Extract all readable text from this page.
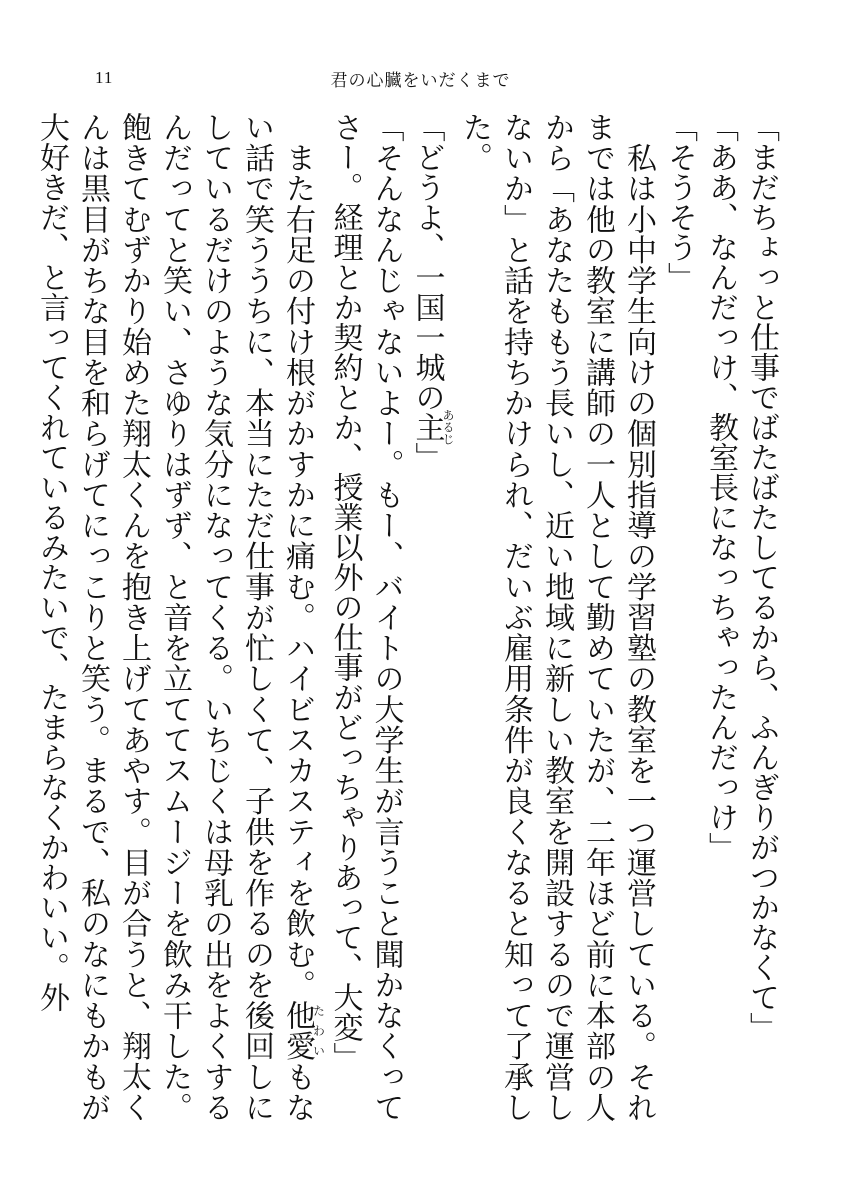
11	君の心臓をいだくまで

「まだちょっと仕事でばたばたしてるから、ふんぎりがつかなくて」

「ああ、なんだっけ、教室長になっちゃったんだっけ」

「そうそう」

　私は小中学生向けの個別指導の学習塾の教室を一つ運営している。それまでは他の教室に講師の一人として勤めていたが、二年ほど前に本部の人から「あなたももう長いし、近い地域に新しい教室を開設するので運営しないか」と話を持ちかけられ、だいぶ雇用条件が良くなると知って了承した。

「どうよ、一国一城の主あるじ」

「そんなんじゃないよー。もー、バイトの大学生が言うこと聞かなくってさー。経理とか契約とか、授業以外の仕事がどっちゃりあって、大変」

　また右足の付け根がかすかに痛む。ハイビスカスティを飲む。他愛たわいもない話で笑ううちに、本当にただ仕事が忙しくて、子供を作るのを後回しにしているだけのような気分になってくる。いちじくは母乳の出をよくするんだってと笑い、さゆりはずず、と音を立ててスムージーを飲み干した。飽きてむずかり始めた翔太くんを抱き上げてあやす。目が合うと、翔太くんは黒目がちな目を和らげてにっこりと笑う。まるで、私のなにもかもが大好きだ、と言ってくれているみたいで、たまらなくかわいい。外
